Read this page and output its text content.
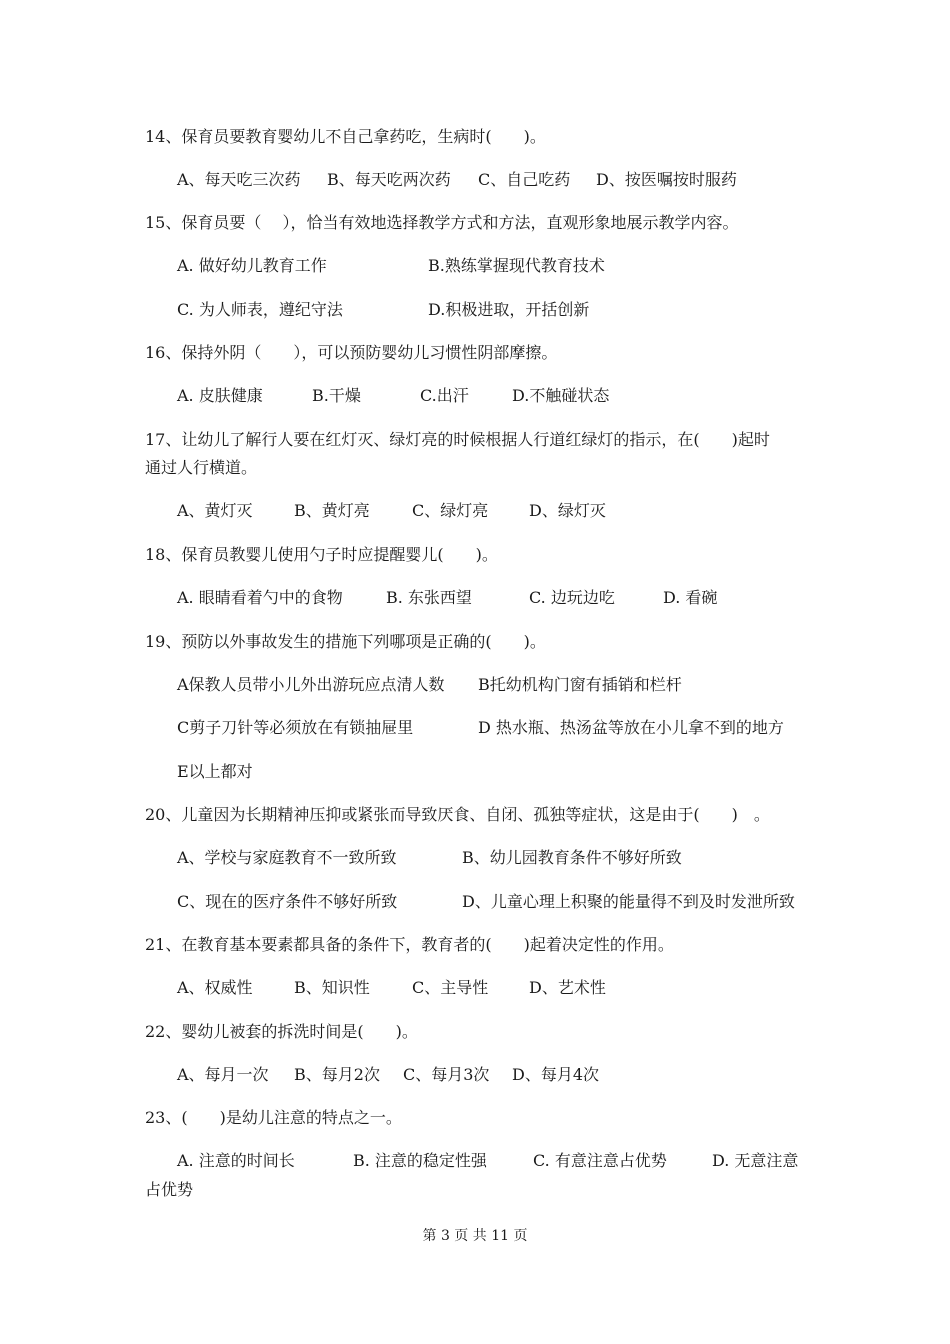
14、保育员要教育婴幼儿不自己拿药吃，生病时(　　)。
A、每天吃三次药 B、每天吃两次药 C、自己吃药 D、按医嘱按时服药
15、保育员要（　 ），恰当有效地选择教学方式和方法，直观形象地展示教学内容。
A. 做好幼儿教育工作	B.熟练掌握现代教育技术
C. 为人师表，遵纪守法	D.积极进取，开括创新
16、保持外阴（　　），可以预防婴幼儿习惯性阴部摩擦。
A. 皮肤健康	B.干燥	C.出汗	D.不触碰状态
17、让幼儿了解行人要在红灯灭、绿灯亮的时候根据人行道红绿灯的指示，在(　　)起时
通过人行横道。
A、黄灯灭	B、黄灯亮	C、绿灯亮	D、绿灯灭
18、保育员教婴儿使用勺子时应提醒婴儿(　　)。
A. 眼睛看着勺中的食物	B. 东张西望	C. 边玩边吃	D. 看碗
19、预防以外事故发生的措施下列哪项是正确的(　　)。
A保教人员带小儿外出游玩应点清人数 B托幼机构门窗有插销和栏杆
C剪子刀针等必须放在有锁抽屉里	D 热水瓶、热汤盆等放在小儿拿不到的地方
E以上都对
20、儿童因为长期精神压抑或紧张而导致厌食、自闭、孤独等症状，这是由于(　　)　。
A、学校与家庭教育不一致所致	B、幼儿园教育条件不够好所致
C、现在的医疗条件不够好所致	D、儿童心理上积聚的能量得不到及时发泄所致
21、在教育基本要素都具备的条件下，教育者的(　　)起着决定性的作用。
A、权威性	B、知识性	C、主导性	D、艺术性
22、婴幼儿被套的拆洗时间是(　　)。
A、每月一次 B、每月2次 C、每月3次 D、每月4次
23、(　　)是幼儿注意的特点之一。
A. 注意的时间长	B. 注意的稳定性强	C. 有意注意占优势	D. 无意注意
占优势
第 3 页 共 11 页
